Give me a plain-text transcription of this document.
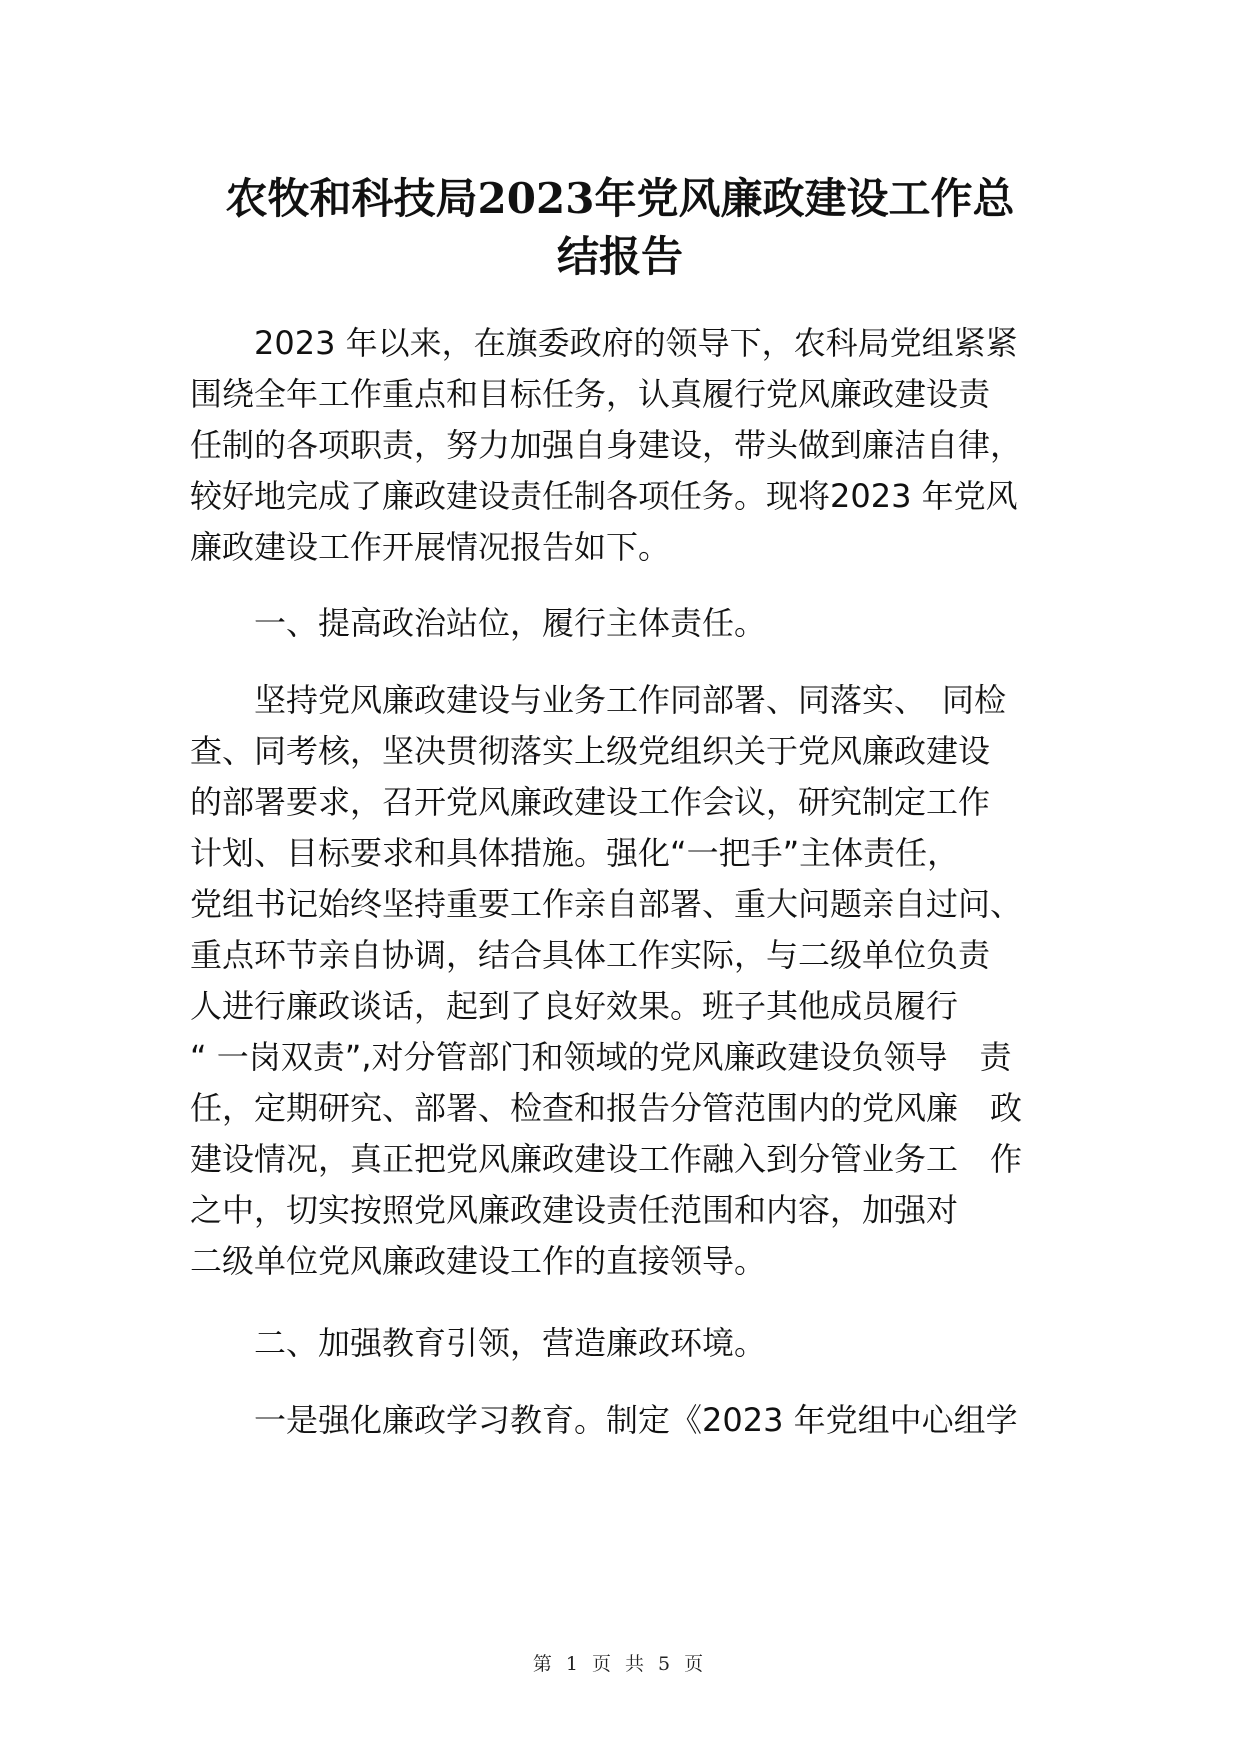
农牧和科技局2023年党风廉政建设工作总
结报告
　　2023 年以来，在旗委政府的领导下，农科局党组紧紧
围绕全年工作重点和目标任务，认真履行党风廉政建设责
任制的各项职责，努力加强自身建设，带头做到廉洁自律，
较好地完成了廉政建设责任制各项任务。现将2023 年党风
廉政建设工作开展情况报告如下。
　　一、提高政治站位，履行主体责任。
　　坚持党风廉政建设与业务工作同部署、同落实、　同检
查、同考核，坚决贯彻落实上级党组织关于党风廉政建设
的部署要求，召开党风廉政建设工作会议，研究制定工作
计划、目标要求和具体措施。强化“一把手”主体责任，
党组书记始终坚持重要工作亲自部署、重大问题亲自过问、
重点环节亲自协调，结合具体工作实际，与二级单位负责
人进行廉政谈话，起到了良好效果。班子其他成员履行
“ 一岗双责”,对分管部门和领域的党风廉政建设负领导　责
任，定期研究、部署、检查和报告分管范围内的党风廉　政
建设情况，真正把党风廉政建设工作融入到分管业务工　作
之中，切实按照党风廉政建设责任范围和内容，加强对
二级单位党风廉政建设工作的直接领导。
　　二、加强教育引领，营造廉政环境。
　　一是强化廉政学习教育。制定《2023 年党组中心组学
第 1 页 共 5 页
